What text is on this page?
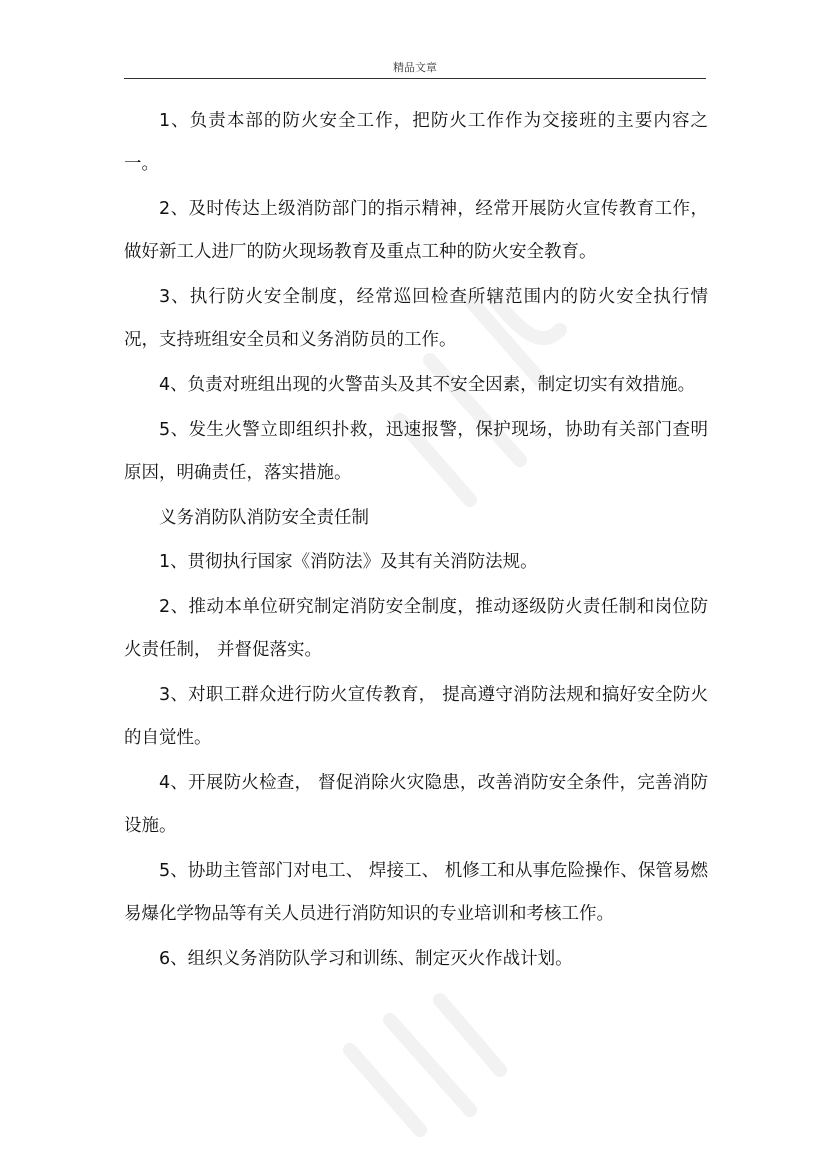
精品文章

1、负责本部的防火安全工作，把防火工作作为交接班的主要内容之一。

2、及时传达上级消防部门的指示精神，经常开展防火宣传教育工作，做好新工人进厂的防火现场教育及重点工种的防火安全教育。

3、执行防火安全制度，经常巡回检查所辖范围内的防火安全执行情况，支持班组安全员和义务消防员的工作。

4、负责对班组出现的火警苗头及其不安全因素，制定切实有效措施。

5、发生火警立即组织扑救，迅速报警，保护现场，协助有关部门查明原因，明确责任，落实措施。

义务消防队消防安全责任制

1、贯彻执行国家《消防法》及其有关消防法规。

2、推动本单位研究制定消防安全制度，推动逐级防火责任制和岗位防火责任制， 并督促落实。

3、对职工群众进行防火宣传教育， 提高遵守消防法规和搞好安全防火的自觉性。

4、开展防火检查， 督促消除火灾隐患，改善消防安全条件，完善消防设施。

5、协助主管部门对电工、 焊接工、 机修工和从事危险操作、保管易燃易爆化学物品等有关人员进行消防知识的专业培训和考核工作。

6、组织义务消防队学习和训练、制定灭火作战计划。
